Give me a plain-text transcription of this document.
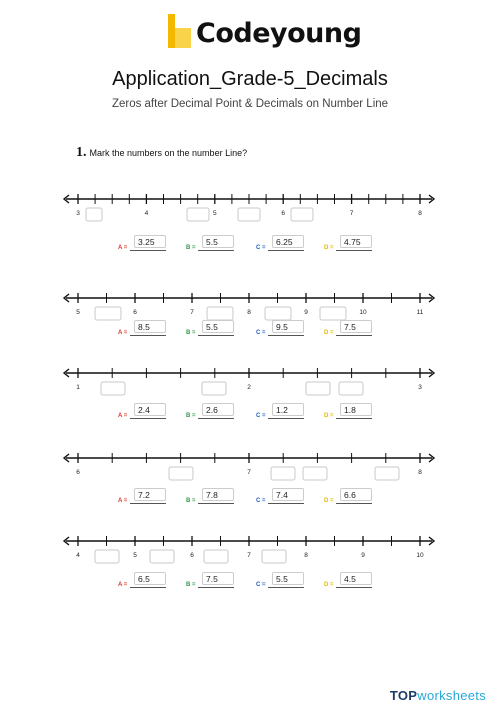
Codeyoung
Application_Grade-5_Decimals
Zeros after Decimal Point & Decimals on Number Line
1. Mark the numbers on the number Line?
3	4	5	6	7	8
A =
3.25
B =
5.5
C =
6.25
D =
4.75
5	6	7	8	9	10	11
A =
8.5
B =
5.5
C =
9.5
D =
7.5
1	2	3
A =
2.4
B =
2.6
C =
1.2
D =
1.8
6	7	8
A =
7.2
B =
7.8
C =
7.4
D =
6.6
4	5	6	7	8	9	10
A =
6.5
B =
7.5
C =
5.5
D =
4.5
TOPworksheets
